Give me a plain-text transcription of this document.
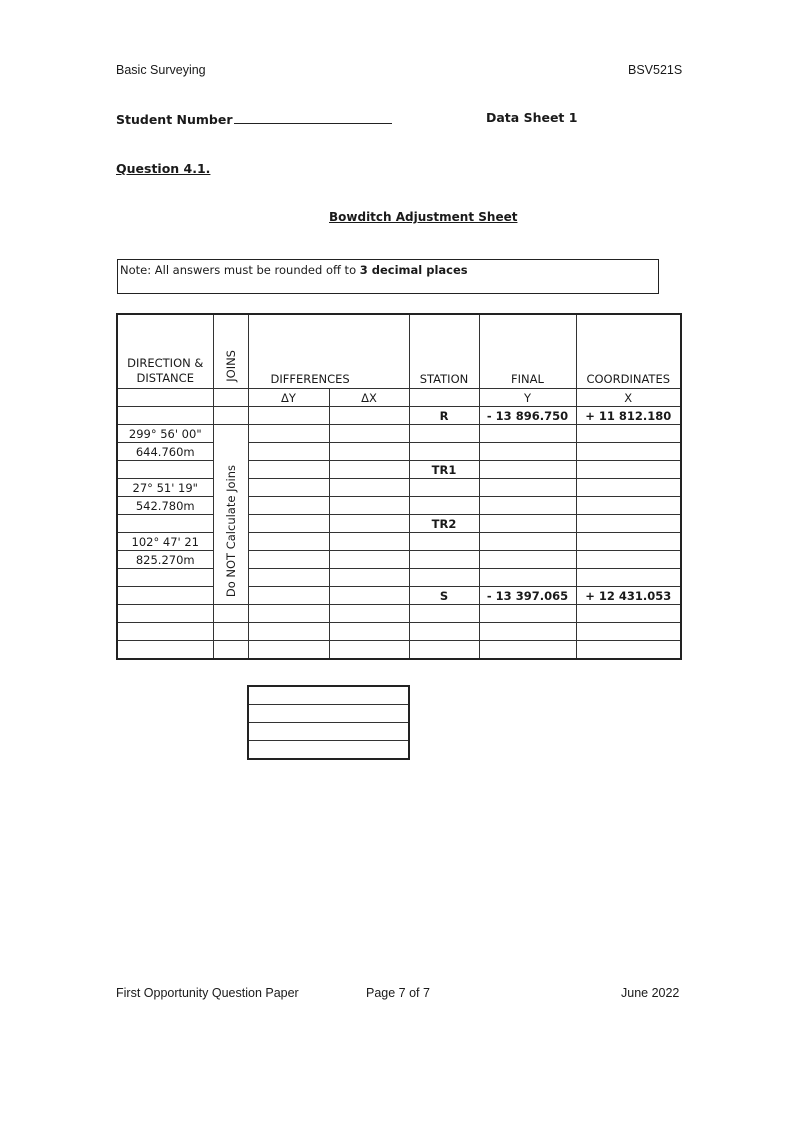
Basic Surveying	BSV521S
Student Number	Data Sheet 1
Question 4.1.
Bowditch Adjustment Sheet
Note: All answers must be rounded off to 3 decimal places
DIRECTION &
DISTANCE	JOINS	DIFFERENCES		STATION	FINAL	COORDINATES
		ΔY	ΔX		Y	X
				R	- 13 896.750	+ 11 812.180
299° 56' 00"	Do NOT Calculate Joins					
644.760m						
				TR1		
27° 51' 19"						
542.780m						
				TR2		
102° 47' 21						
825.270m						

				S	- 13 397.065	+ 12 431.053

First Opportunity Question Paper	Page 7 of 7	June 2022
